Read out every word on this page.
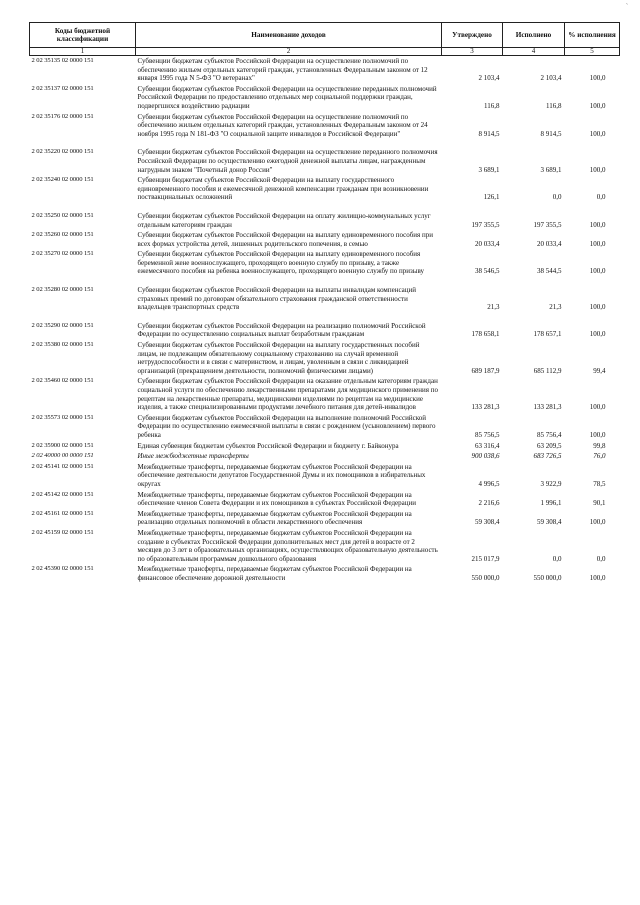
`
Коды бюджетной классификации	Наименование доходов	Утверждено	Исполнено	% исполнения
1	2	3	4	5
2 02 35135 02 0000 151	Субвенции бюджетам субъектов Российской Федерации на осуществление полномочий по обеспечению жильем отдельных категорий граждан, установленных Федеральным законом от 12 января 1995 года N 5-ФЗ "О ветеранах"	2 103,4	2 103,4	100,0
2 02 35137 02 0000 151	Субвенции бюджетам субъектов Российской Федерации на осуществление переданных полномочий Российской Федерации по предоставлению отдельных мер социальной поддержки граждан, подвергшихся воздействию радиации	116,8	116,8	100,0
2 02 35176 02 0000 151	Субвенции бюджетам субъектов Российской Федерации на осуществление полномочий по обеспечению жильем отдельных категорий граждан, установленных Федеральным законом от 24 ноября 1995 года N 181-ФЗ "О социальной защите инвалидов в Российской Федерации"	8 914,5	8 914,5	100,0
2 02 35220 02 0000 151	Субвенции бюджетам субъектов Российской Федерации на осуществление переданного полномочия Российской Федерации по осуществлению ежегодной денежной выплаты лицам, награжденным нагрудным знаком "Почетный донор России"	3 689,1	3 689,1	100,0
2 02 35240 02 0000 151	Субвенции бюджетам субъектов Российской Федерации на выплату государственного единовременного пособия и ежемесячной денежной компенсации гражданам при возникновении поствакцинальных осложнений	126,1	0,0	0,0
2 02 35250 02 0000 151	Субвенции бюджетам субъектов Российской Федерации на оплату жилищно-коммунальных услуг отдельным категориям граждан	197 355,5	197 355,5	100,0
2 02 35260 02 0000 151	Субвенции бюджетам субъектов Российской Федерации на выплату единовременного пособия при всех формах устройства детей, лишенных родительского попечения, в семью	20 033,4	20 033,4	100,0
2 02 35270 02 0000 151	Субвенции бюджетам субъектов Российской Федерации на выплату единовременного пособия беременной жене военнослужащего, проходящего военную службу по призыву, а также ежемесячного пособия на ребенка военнослужащего, проходящего военную службу по призыву	38 546,5	38 544,5	100,0
2 02 35280 02 0000 151	Субвенции бюджетам субъектов Российской Федерации на выплаты инвалидам компенсаций страховых премий по договорам обязательного страхования гражданской ответственности владельцев транспортных средств	21,3	21,3	100,0
2 02 35290 02 0000 151	Субвенции бюджетам субъектов Российской Федерации на реализацию полномочий Российской Федерации по осуществлению социальных выплат безработным гражданам	178 658,1	178 657,1	100,0
2 02 35380 02 0000 151	Субвенции бюджетам субъектов Российской Федерации на выплату государственных пособий лицам, не подлежащим обязательному социальному страхованию на случай временной нетрудоспособности и в связи с материнством, и лицам, уволенным в связи с ликвидацией организаций (прекращением деятельности, полномочий физическими лицами)	689 187,9	685 112,9	99,4
2 02 35460 02 0000 151	Субвенции бюджетам субъектов Российской Федерации на оказание отдельным категориям граждан социальной услуги по обеспечению лекарственными препаратами для медицинского применения по рецептам на лекарственные препараты, медицинскими изделиями по рецептам на медицинские изделия, а также специализированными продуктами лечебного питания для детей-инвалидов	133 281,3	133 281,3	100,0
2 02 35573 02 0000 151	Субвенции бюджетам субъектов Российской Федерации на выполнение полномочий Российской Федерации по осуществлению ежемесячной выплаты в связи с рождением (усыновлением) первого ребенка	85 756,5	85 756,4	100,0
2 02 35900 02 0000 151	Единая субвенция бюджетам субъектов Российской Федерации и бюджету г. Байконура	63 316,4	63 209,5	99,8
2 02 40000 00 0000 151	Иные межбюджетные трансферты	900 038,6	683 726,5	76,0
2 02 45141 02 0000 151	Межбюджетные трансферты, передаваемые бюджетам субъектов Российской Федерации на обеспечение деятельности депутатов Государственной Думы и их помощников в избирательных округах	4 996,5	3 922,9	78,5
2 02 45142 02 0000 151	Межбюджетные трансферты, передаваемые бюджетам субъектов Российской Федерации на обеспечение членов Совета Федерации и их помощников в субъектах Российской Федерации	2 216,6	1 996,1	90,1
2 02 45161 02 0000 151	Межбюджетные трансферты, передаваемые бюджетам субъектов Российской Федерации на реализацию отдельных полномочий в области лекарственного обеспечения	59 308,4	59 308,4	100,0
2 02 45159 02 0000 151	Межбюджетные трансферты, передаваемые бюджетам субъектов Российской Федерации на создание в субъектах Российской Федерации дополнительных мест для детей в возрасте от 2 месяцев до 3 лет в образовательных организациях, осуществляющих образовательную деятельность по образовательным программам дошкольного образования	215 017,9	0,0	0,0
2 02 45390 02 0000 151	Межбюджетные трансферты, передаваемые бюджетам субъектов Российской Федерации на финансовое обеспечение дорожной деятельности	550 000,0	550 000,0	100,0
